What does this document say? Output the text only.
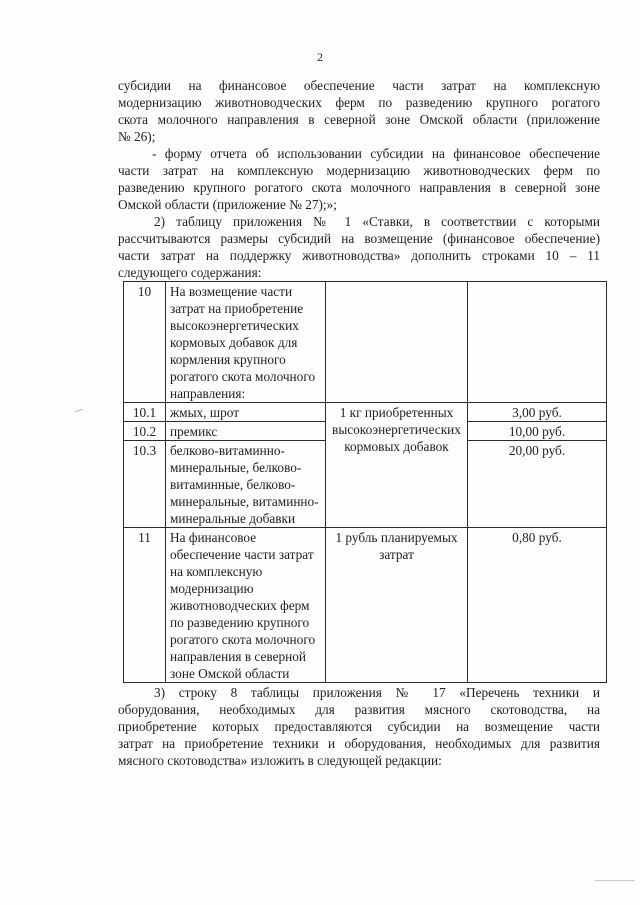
2

субсидии на финансовое обеспечение части затрат на комплексную
модернизацию животноводческих ферм по разведению крупного рогатого
скота молочного направления в северной зоне Омской области (приложение
№ 26);

- форму отчета об использовании субсидии на финансовое обеспечение

части затрат на комплексную модернизацию животноводческих ферм по
разведению крупного рогатого скота молочного направления в северной зоне
Омской области (приложение № 27);»;

2) таблицу приложения № 1 «Ставки, в соответствии с которыми

рассчитываются размеры субсидий на возмещение (финансовое обеспечение)
части затрат на поддержку животноводства» дополнить строками 10 – 11
следующего содержания:

10	На возмещение части затрат на приобретение высокоэнергетических кормовых добавок для кормления крупного рогатого скота молочного направления:		
10.1	жмых, шрот	1 кг приобретенных высокоэнергетических кормовых добавок	3,00 руб.
10.2	премикс		10,00 руб.
10.3	белково-витаминно-минеральные, белково-витаминные, белково-минеральные, витаминно-минеральные добавки		20,00 руб.
11	На финансовое обеспечение части затрат на комплексную модернизацию животноводческих ферм по разведению крупного рогатого скота молочного направления в северной зоне Омской области	1 рубль планируемых затрат	0,80 руб.

3) строку 8 таблицы приложения № 17 «Перечень техники и

оборудования, необходимых для развития мясного скотоводства, на
приобретение которых предоставляются субсидии на возмещение части
затрат на приобретение техники и оборудования, необходимых для развития
мясного скотоводства» изложить в следующей редакции:
